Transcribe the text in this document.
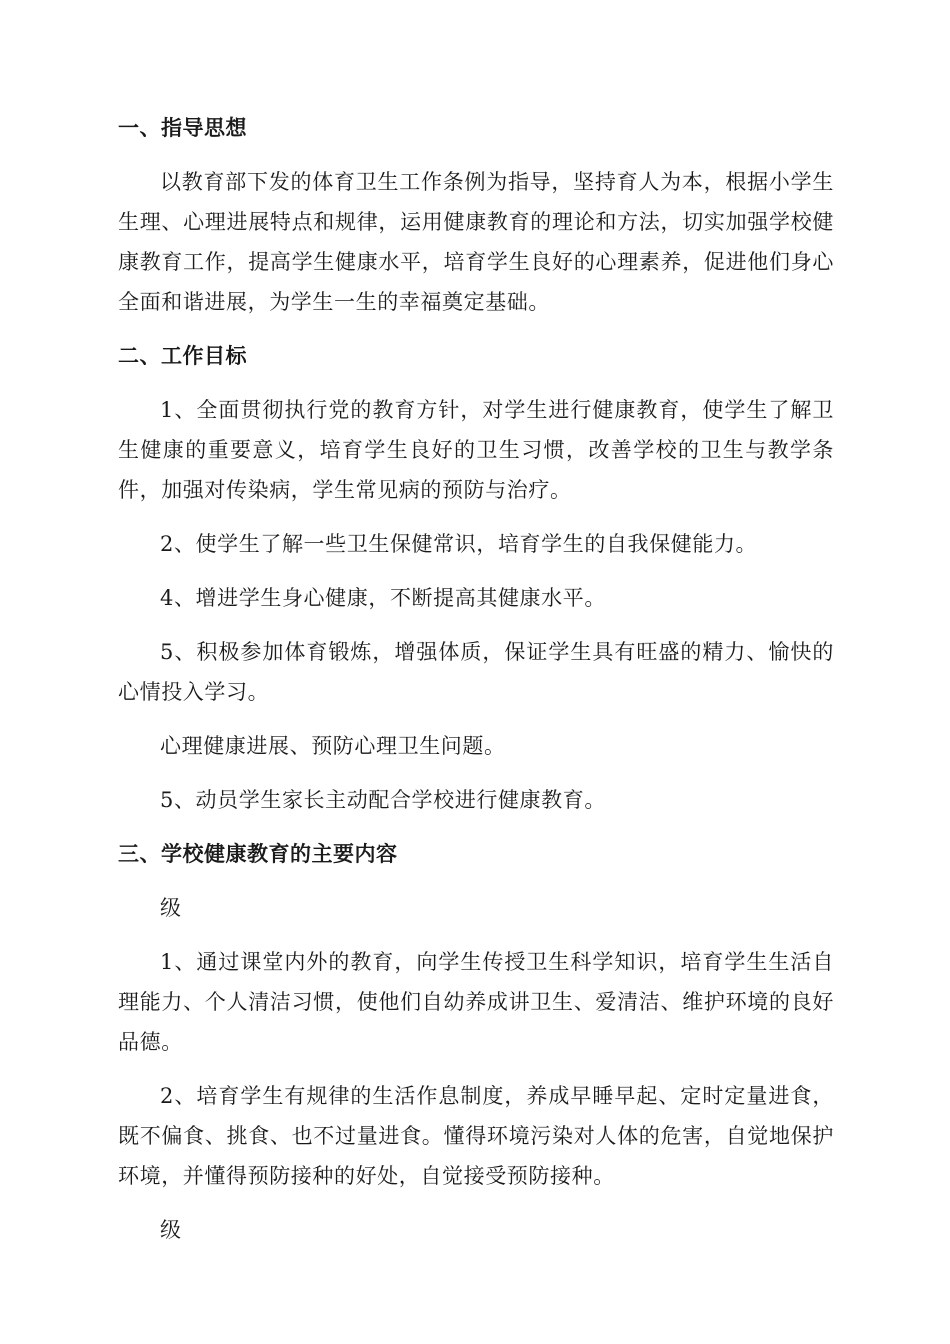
一、指导思想
以教育部下发的体育卫生工作条例为指导，坚持育人为本，根据小学生生理、心理进展特点和规律，运用健康教育的理论和方法，切实加强学校健康教育工作，提高学生健康水平，培育学生良好的心理素养，促进他们身心全面和谐进展，为学生一生的幸福奠定基础。
二、工作目标
1、全面贯彻执行党的教育方针，对学生进行健康教育，使学生了解卫生健康的重要意义，培育学生良好的卫生习惯，改善学校的卫生与教学条件，加强对传染病，学生常见病的预防与治疗。
2、使学生了解一些卫生保健常识，培育学生的自我保健能力。
4、增进学生身心健康，不断提高其健康水平。
5、积极参加体育锻炼，增强体质，保证学生具有旺盛的精力、愉快的心情投入学习。
心理健康进展、预防心理卫生问题。
5、动员学生家长主动配合学校进行健康教育。
三、学校健康教育的主要内容
级
1、通过课堂内外的教育，向学生传授卫生科学知识，培育学生生活自理能力、个人清洁习惯，使他们自幼养成讲卫生、爱清洁、维护环境的良好品德。
2、培育学生有规律的生活作息制度，养成早睡早起、定时定量进食，既不偏食、挑食、也不过量进食。懂得环境污染对人体的危害，自觉地保护环境，并懂得预防接种的好处，自觉接受预防接种。
级
